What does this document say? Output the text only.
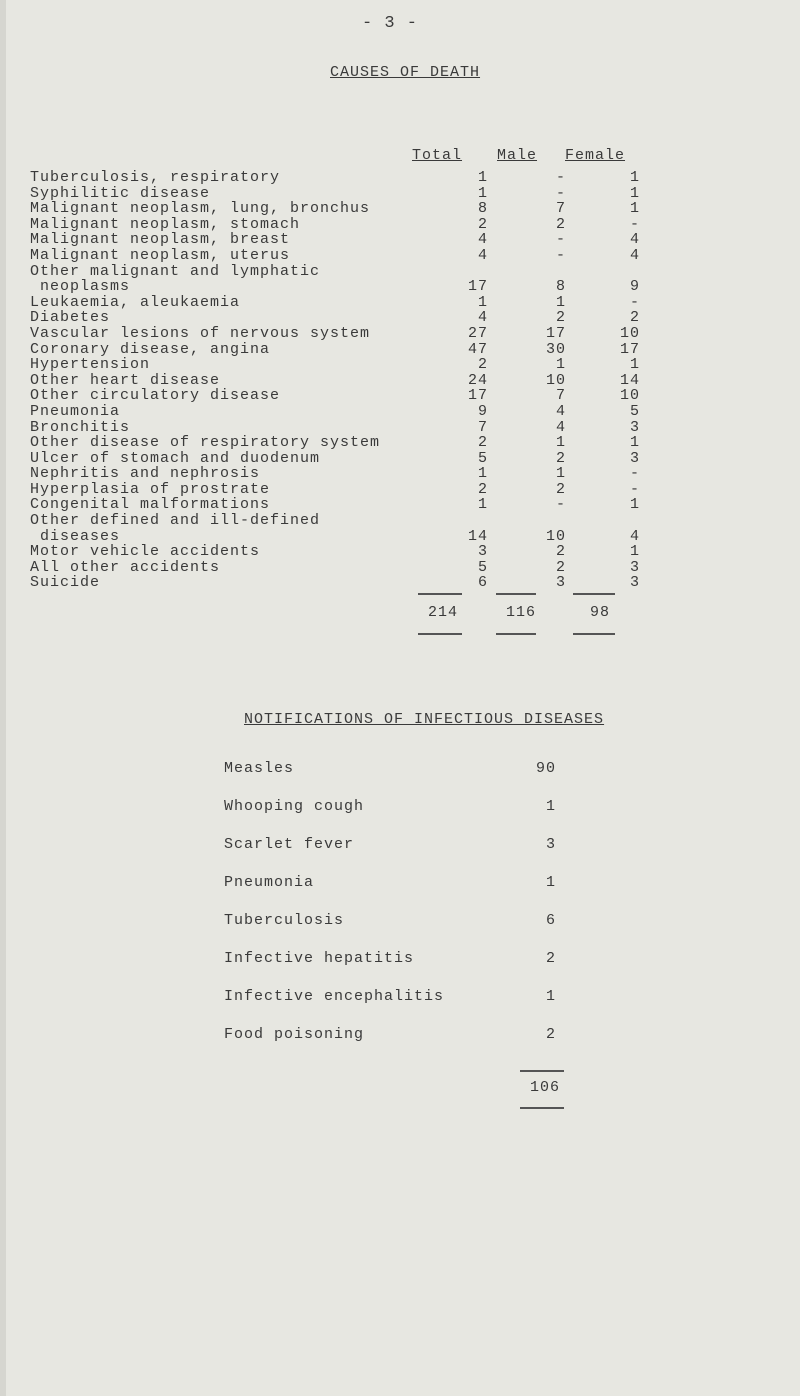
- 3 -
CAUSES OF DEATH
Total Male Female
Tuberculosis, respiratory	1	-	1
Syphilitic disease	1	-	1
Malignant neoplasm, lung, bronchus	8	7	1
Malignant neoplasm, stomach	2	2	-
Malignant neoplasm, breast	4	-	4
Malignant neoplasm, uterus	4	-	4
Other malignant and lymphatic
neoplasms	17	8	9
Leukaemia, aleukaemia	1	1	-
Diabetes	4	2	2
Vascular lesions of nervous system	27	17	10
Coronary disease, angina	47	30	17
Hypertension	2	1	1
Other heart disease	24	10	14
Other circulatory disease	17	7	10
Pneumonia	9	4	5
Bronchitis	7	4	3
Other disease of respiratory system	2	1	1
Ulcer of stomach and duodenum	5	2	3
Nephritis and nephrosis	1	1	-
Hyperplasia of prostrate	2	2	-
Congenital malformations	1	-	1
Other defined and ill-defined
diseases	14	10	4
Motor vehicle accidents	3	2	1
All other accidents	5	2	3
Suicide	6	3	3
214	116	98
NOTIFICATIONS OF INFECTIOUS DISEASES
Measles	90
Whooping cough	1
Scarlet fever	3
Pneumonia	1
Tuberculosis	6
Infective hepatitis	2
Infective encephalitis	1
Food poisoning	2
106
